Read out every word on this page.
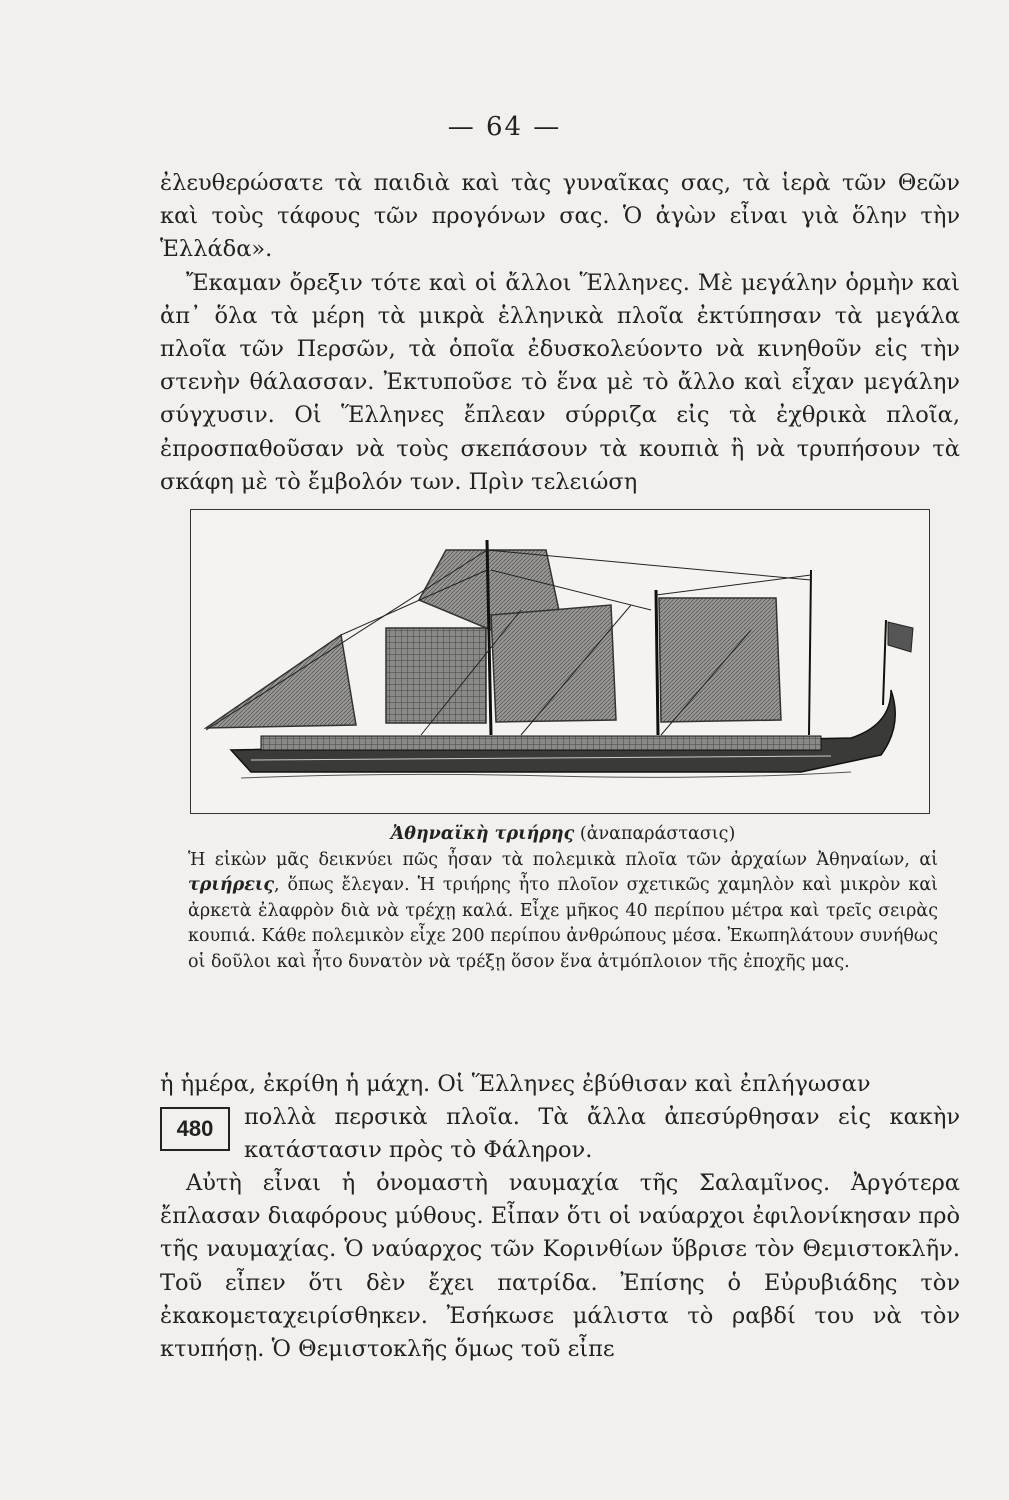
— 64 —

ἐλευθερώσατε τὰ παιδιὰ καὶ τὰς γυναῖκας σας, τὰ ἱερὰ τῶν Θεῶν καὶ τοὺς τάφους τῶν προγόνων σας. Ὁ ἀγὼν εἶναι γιὰ ὅλην τὴν Ἑλλάδα».

Ἔκαμαν ὄρεξιν τότε καὶ οἱ ἄλλοι Ἕλληνες. Μὲ μεγάλην ὁρμὴν καὶ ἀπ᾽ ὅλα τὰ μέρη τὰ μικρὰ ἑλληνικὰ πλοῖα ἐκτύπησαν τὰ μεγάλα πλοῖα τῶν Περσῶν, τὰ ὁποῖα ἐδυσκολεύοντο νὰ κινηθοῦν εἰς τὴν στενὴν θάλασσαν. Ἐκτυποῦσε τὸ ἕνα μὲ τὸ ἄλλο καὶ εἶχαν μεγάλην σύγχυσιν. Οἱ Ἕλληνες ἔπλεαν σύρριζα εἰς τὰ ἐχθρικὰ πλοῖα, ἐπροσπαθοῦσαν νὰ τοὺς σκεπάσουν τὰ κουπιὰ ἢ νὰ τρυπήσουν τὰ σκάφη μὲ τὸ ἔμβολόν των. Πρὶν τελειώση

Ἀθηναϊκὴ τριήρης (ἀναπαράστασις)

Ἡ εἰκὼν μᾶς δεικνύει πῶς ἦσαν τὰ πολεμικὰ πλοῖα τῶν ἀρχαίων Ἀθηναίων, αἱ τριήρεις, ὅπως ἔλεγαν. Ἡ τριήρης ἦτο πλοῖον σχετικῶς χαμηλὸν καὶ μικρὸν καὶ ἀρκετὰ ἐλαφρὸν διὰ νὰ τρέχῃ καλά. Εἶχε μῆκος 40 περίπου μέτρα καὶ τρεῖς σειρὰς κουπιά. Κάθε πολεμικὸν εἶχε 200 περίπου ἀνθρώπους μέσα. Ἐκωπηλάτουν συνήθως οἱ δοῦλοι καὶ ἦτο δυνατὸν νὰ τρέξῃ ὅσον ἕνα ἀτμόπλοιον τῆς ἐποχῆς μας.

ἡ ἡμέρα, ἐκρίθη ἡ μάχη. Οἱ Ἕλληνες ἐβύθισαν καὶ ἐπλήγωσαν

480	πολλὰ περσικὰ πλοῖα. Τὰ ἄλλα ἀπεσύρθησαν εἰς κακὴν κατάστασιν πρὸς τὸ Φάληρον.

Αὐτὴ εἶναι ἡ ὀνομαστὴ ναυμαχία τῆς Σαλαμῖνος. Ἀργότερα ἔπλασαν διαφόρους μύθους. Εἶπαν ὅτι οἱ ναύαρχοι ἐφιλονίκησαν πρὸ τῆς ναυμαχίας. Ὁ ναύαρχος τῶν Κορινθίων ὕβρισε τὸν Θεμιστοκλῆν. Τοῦ εἶπεν ὅτι δὲν ἔχει πατρίδα. Ἐπίσης ὁ Εὐρυβιάδης τὸν ἐκακομεταχειρίσθηκεν. Ἐσήκωσε μάλιστα τὸ ραβδί του νὰ τὸν κτυπήσῃ. Ὁ Θεμιστοκλῆς ὅμως τοῦ εἶπε
